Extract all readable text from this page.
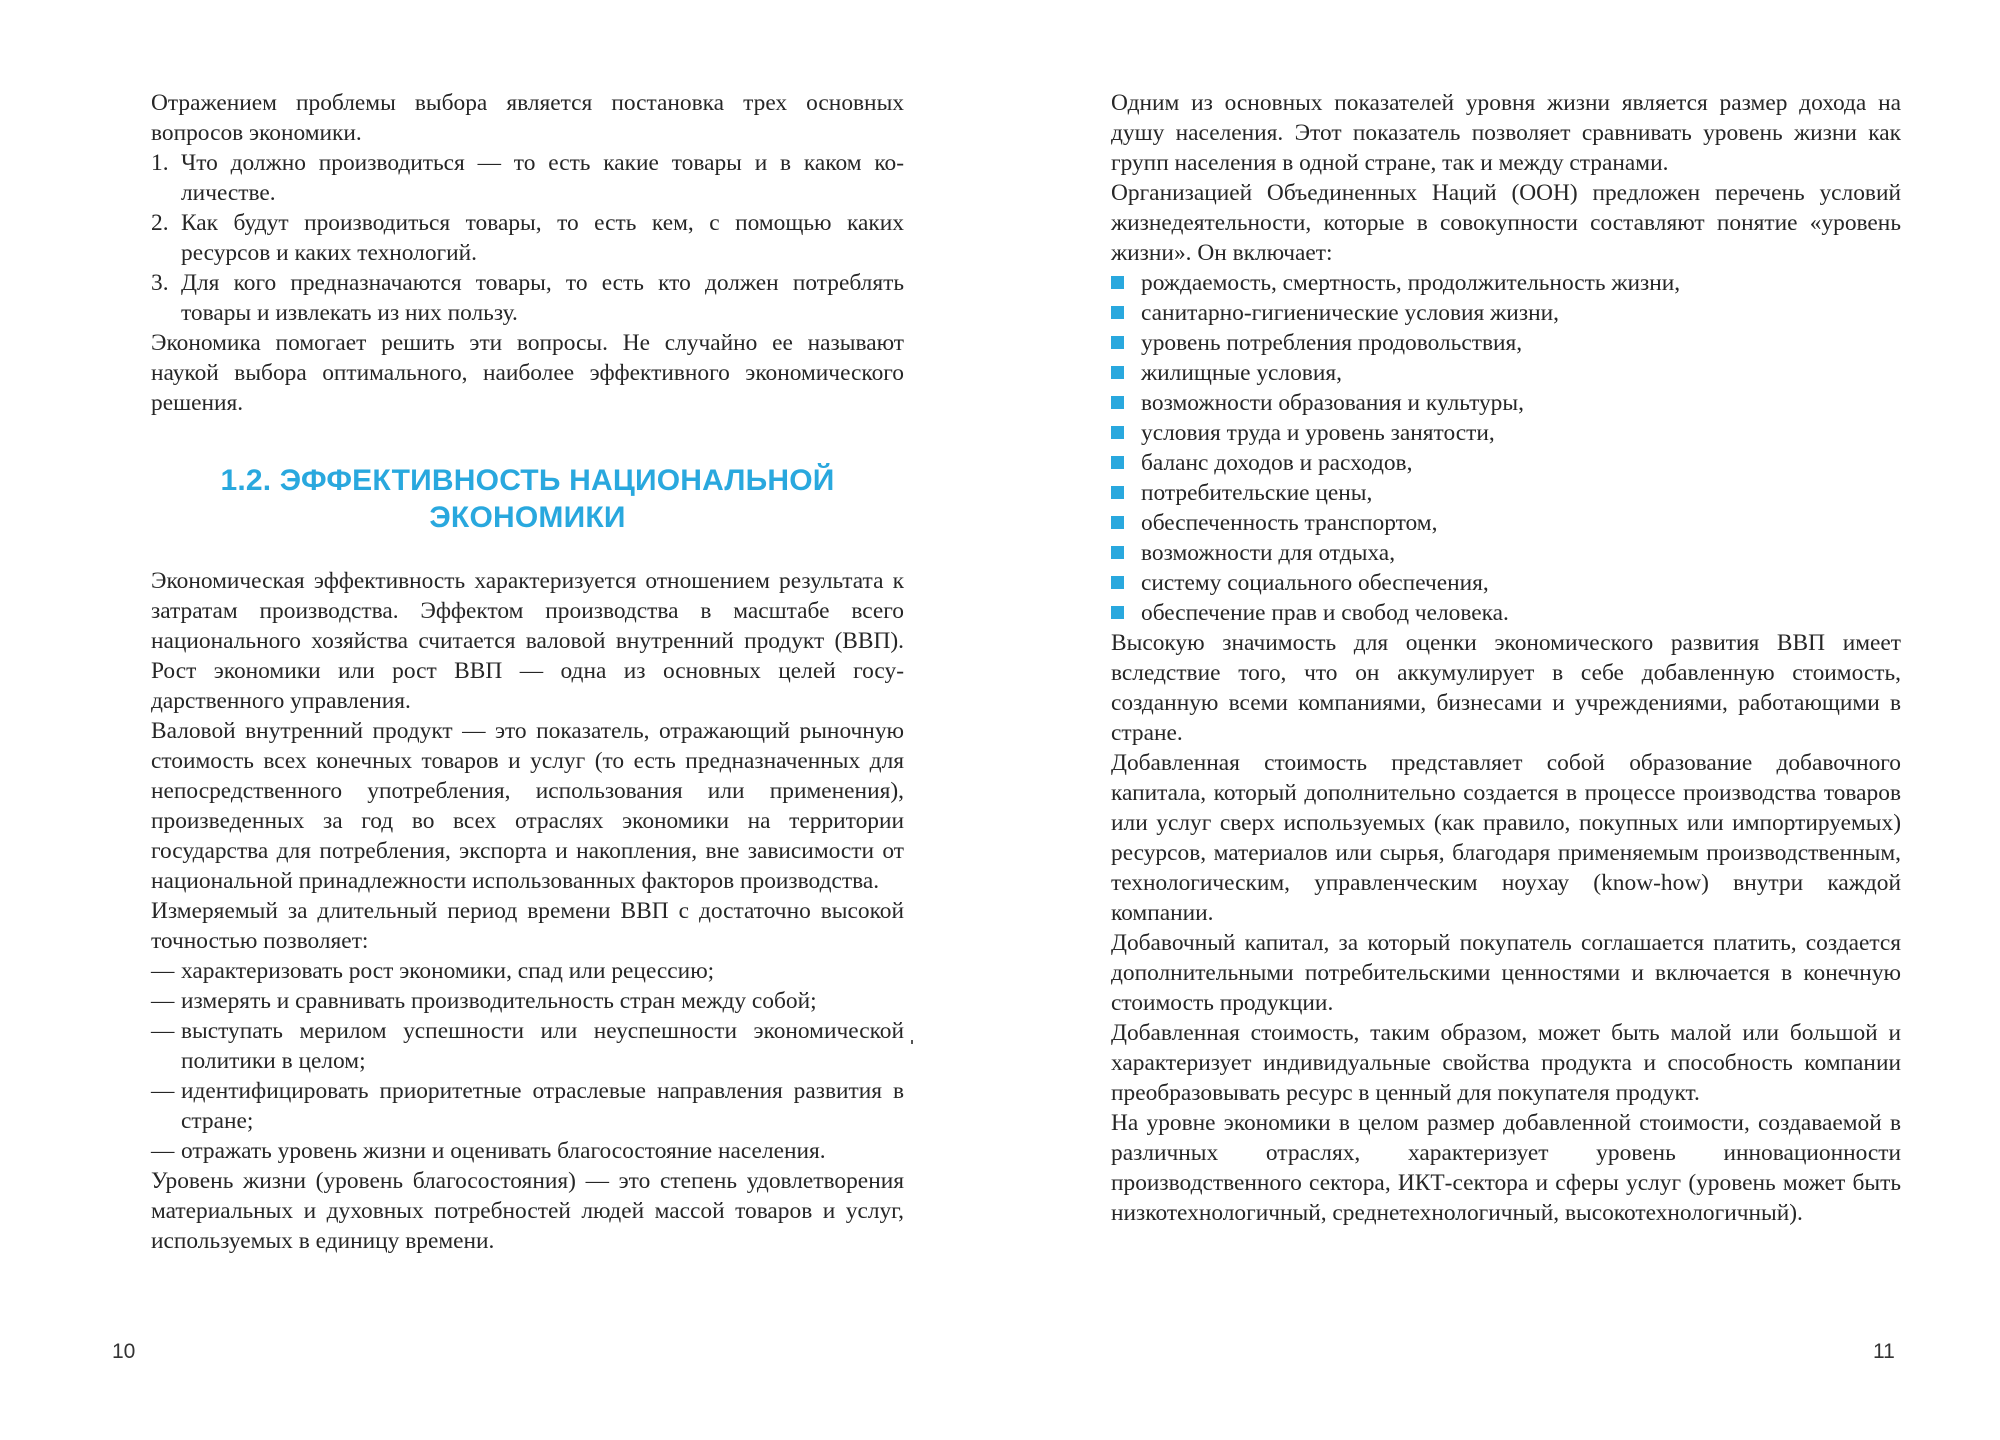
Отражением проблемы выбора является постановка трех основных вопросов экономики.

1. Что должно производиться — то есть какие товары и в каком количестве.
2. Как будут производиться товары, то есть кем, с помощью каких ресурсов и каких технологий.
3. Для кого предназначаются товары, то есть кто должен потреблять товары и извлекать из них пользу.

Экономика помогает решить эти вопросы. Не случайно ее называют наукой выбора оптимального, наиболее эффективного экономического решения.

1.2. ЭФФЕКТИВНОСТЬ НАЦИОНАЛЬНОЙ
ЭКОНОМИКИ

Экономическая эффективность характеризуется отношением результата к затратам производства. Эффектом производства в масштабе всего национального хозяйства считается валовой внутренний продукт (ВВП). Рост экономики или рост ВВП — одна из основных целей государственного управления.

Валовой внутренний продукт — это показатель, отражающий рыночную стоимость всех конечных товаров и услуг (то есть предназначенных для непосредственного употребления, использования или применения), произведенных за год во всех отраслях экономики на территории государства для потребления, экспорта и накопления, вне зависимости от национальной принадлежности использованных факторов производства.

Измеряемый за длительный период времени ВВП с достаточно высокой точностью позволяет:

— характеризовать рост экономики, спад или рецессию;
— измерять и сравнивать производительность стран между собой;
— выступать мерилом успешности или неуспешности экономической политики в целом;
— идентифицировать приоритетные отраслевые направления развития в стране;
— отражать уровень жизни и оценивать благосостояние населения.

Уровень жизни (уровень благосостояния) — это степень удовлетворения материальных и духовных потребностей людей массой товаров и услуг, используемых в единицу времени.

10

Одним из основных показателей уровня жизни является размер дохода на душу населения. Этот показатель позволяет сравнивать уровень жизни как групп населения в одной стране, так и между странами.

Организацией Объединенных Наций (ООН) предложен перечень условий жизнедеятельности, которые в совокупности составляют понятие «уровень жизни». Он включает:

рождаемость, смертность, продолжительность жизни,
санитарно-гигиенические условия жизни,
уровень потребления продовольствия,
жилищные условия,
возможности образования и культуры,
условия труда и уровень занятости,
баланс доходов и расходов,
потребительские цены,
обеспеченность транспортом,
возможности для отдыха,
систему социального обеспечения,
обеспечение прав и свобод человека.

Высокую значимость для оценки экономического развития ВВП имеет вследствие того, что он аккумулирует в себе добавленную стоимость, созданную всеми компаниями, бизнесами и учреждениями, работающими в стране.

Добавленная стоимость представляет собой образование добавочного капитала, который дополнительно создается в процессе производства товаров или услуг сверх используемых (как правило, покупных или импортируемых) ресурсов, материалов или сырья, благодаря применяемым производственным, технологическим, управленческим ноухау (know-how) внутри каждой компании.

Добавочный капитал, за который покупатель соглашается платить, создается дополнительными потребительскими ценностями и включается в конечную стоимость продукции.

Добавленная стоимость, таким образом, может быть малой или большой и характеризует индивидуальные свойства продукта и способность компании преобразовывать ресурс в ценный для покупателя продукт.

На уровне экономики в целом размер добавленной стоимости, создаваемой в различных отраслях, характеризует уровень инновационности производственного сектора, ИКТ-сектора и сферы услуг (уровень может быть низкотехнологичный, среднетехнологичный, высокотехнологичный).

11
